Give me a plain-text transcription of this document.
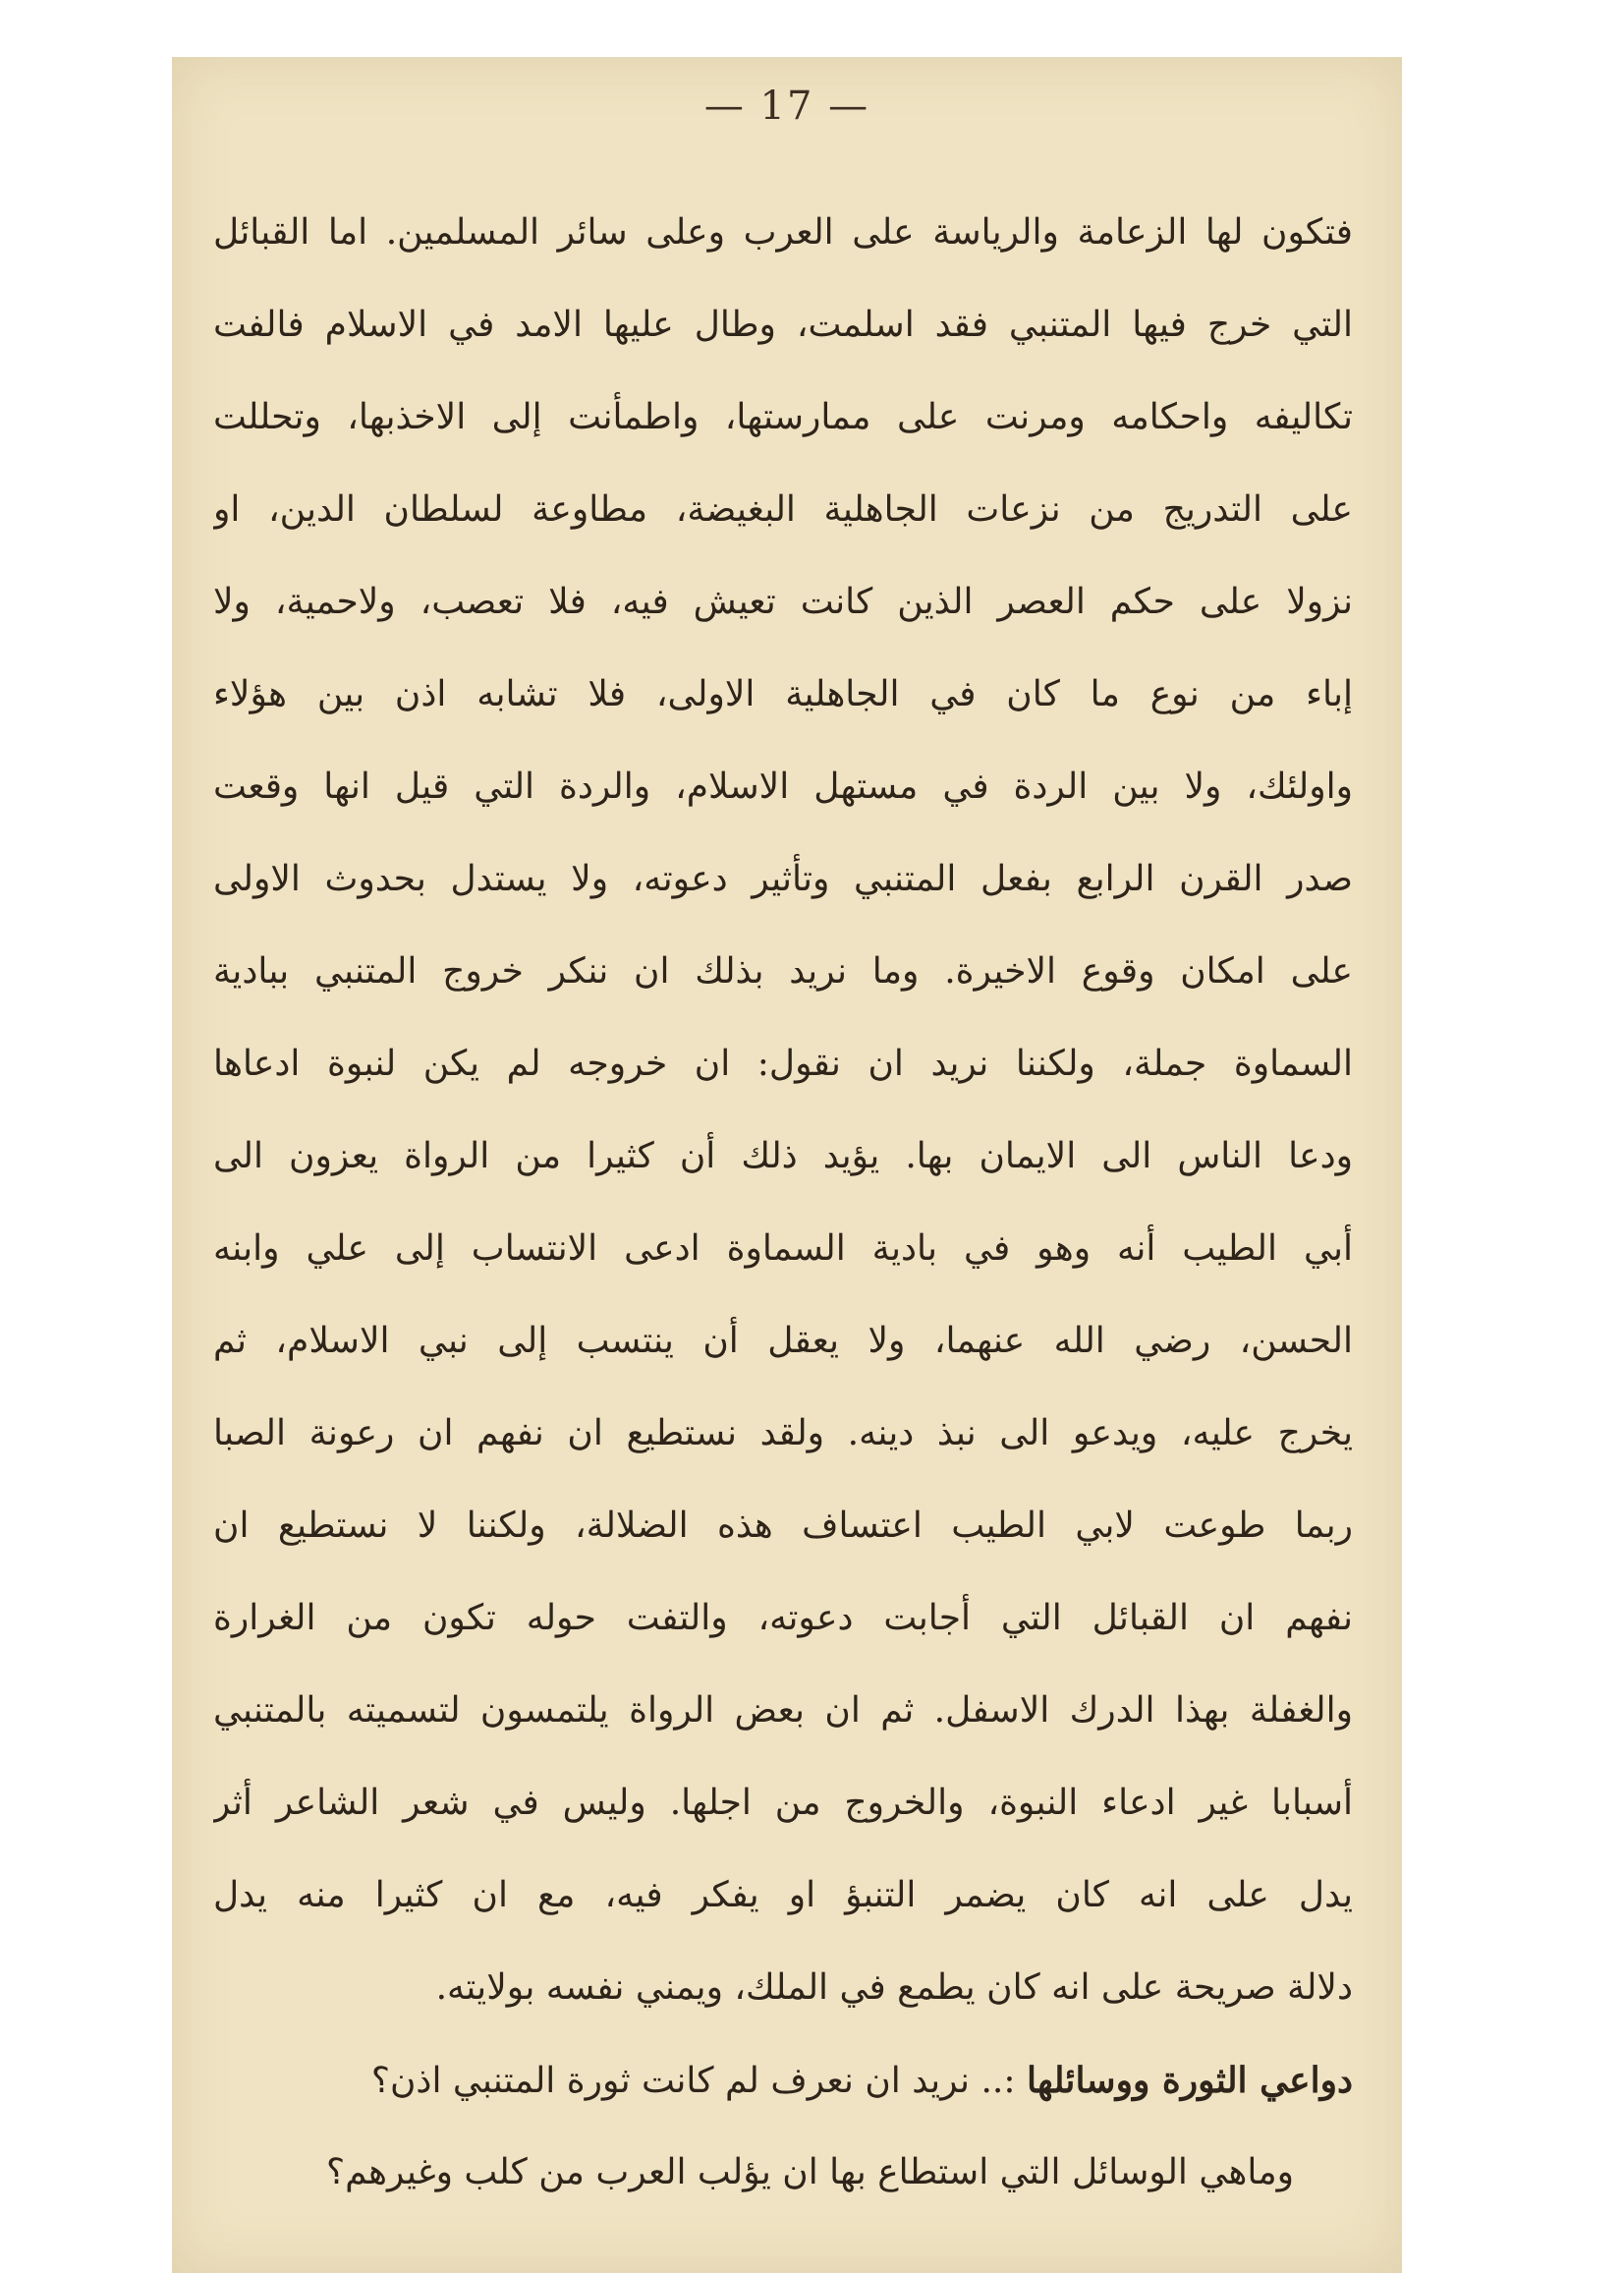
— 17 —
فتكون لها الزعامة والرياسة على العرب وعلى سائر المسلمين. اما القبائل
التي خرج فيها المتنبي فقد اسلمت، وطال عليها الامد في الاسلام فالفت
تكاليفه واحكامه ومرنت على ممارستها، واطمأنت إلى الاخذبها، وتحللت
على التدريج من نزعات الجاهلية البغيضة، مطاوعة لسلطان الدين، او
نزولا على حكم العصر الذين كانت تعيش فيه، فلا تعصب، ولاحمية، ولا
إباء من نوع ما كان في الجاهلية الاولى، فلا تشابه اذن بين هؤلاء
واولئك، ولا بين الردة في مستهل الاسلام، والردة التي قيل انها وقعت
صدر القرن الرابع بفعل المتنبي وتأثير دعوته، ولا يستدل بحدوث الاولى
على امكان وقوع الاخيرة. وما نريد بذلك ان ننكر خروج المتنبي ببادية
السماوة جملة، ولكننا نريد ان نقول: ان خروجه لم يكن لنبوة ادعاها
ودعا الناس الى الايمان بها. يؤيد ذلك أن كثيرا من الرواة يعزون الى
أبي الطيب أنه وهو في بادية السماوة ادعى الانتساب إلى علي وابنه
الحسن، رضي الله عنهما، ولا يعقل أن ينتسب إلى نبي الاسلام، ثم
يخرج عليه، ويدعو الى نبذ دينه. ولقد نستطيع ان نفهم ان رعونة الصبا
ربما طوعت لابي الطيب اعتساف هذه الضلالة، ولكننا لا نستطيع ان
نفهم ان القبائل التي أجابت دعوته، والتفت حوله تكون من الغرارة
والغفلة بهذا الدرك الاسفل. ثم ان بعض الرواة يلتمسون لتسميته بالمتنبي
أسبابا غير ادعاء النبوة، والخروج من اجلها. وليس في شعر الشاعر أثر
يدل على انه كان يضمر التنبؤ او يفكر فيه، مع ان كثيرا منه يدل
دلالة صريحة على انه كان يطمع في الملك، ويمني نفسه بولايته.
دواعي الثورة ووسائلها :.. نريد ان نعرف لم كانت ثورة المتنبي اذن؟
وماهي الوسائل التي استطاع بها ان يؤلب العرب من كلب وغيرهم؟
